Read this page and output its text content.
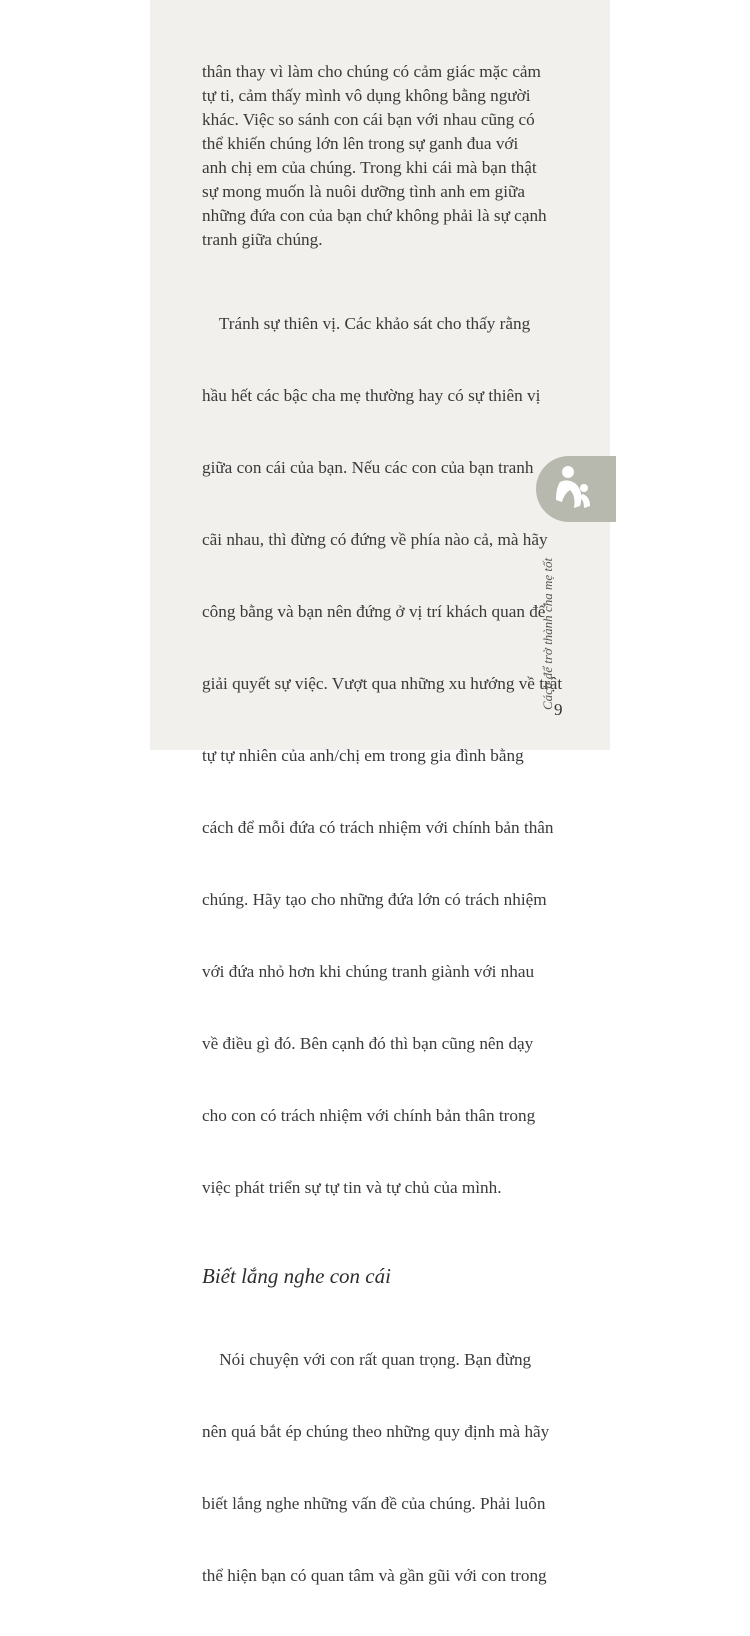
thân thay vì làm cho chúng có cảm giác mặc cảm
tự ti, cảm thấy mình vô dụng không bằng người
khác. Việc so sánh con cái bạn với nhau cũng có
thể khiến chúng lớn lên trong sự ganh đua với
anh chị em của chúng. Trong khi cái mà bạn thật
sự mong muốn là nuôi dưỡng tình anh em giữa
những đứa con của bạn chứ không phải là sự cạnh
tranh giữa chúng.

Tránh sự thiên vị. Các khảo sát cho thấy rằng

hầu hết các bậc cha mẹ thường hay có sự thiên vị

giữa con cái của bạn. Nếu các con của bạn tranh

cãi nhau, thì đừng có đứng về phía nào cả, mà hãy

công bằng và bạn nên đứng ở vị trí khách quan để

giải quyết sự việc. Vượt qua những xu hướng về trật

tự tự nhiên của anh/chị em trong gia đình bằng

cách để mỗi đứa có trách nhiệm với chính bản thân

chúng. Hãy tạo cho những đứa lớn có trách nhiệm

với đứa nhỏ hơn khi chúng tranh giành với nhau

về điều gì đó. Bên cạnh đó thì bạn cũng nên dạy

cho con có trách nhiệm với chính bản thân trong

việc phát triển sự tự tin và tự chủ của mình.

Biết lắng nghe con cái

Nói chuyện với con rất quan trọng. Bạn đừng

nên quá bắt ép chúng theo những quy định mà hãy

biết lắng nghe những vấn đề của chúng. Phải luôn

thể hiện bạn có quan tâm và gần gũi với con trong

Cách để trở thành cha mẹ tốt 9
